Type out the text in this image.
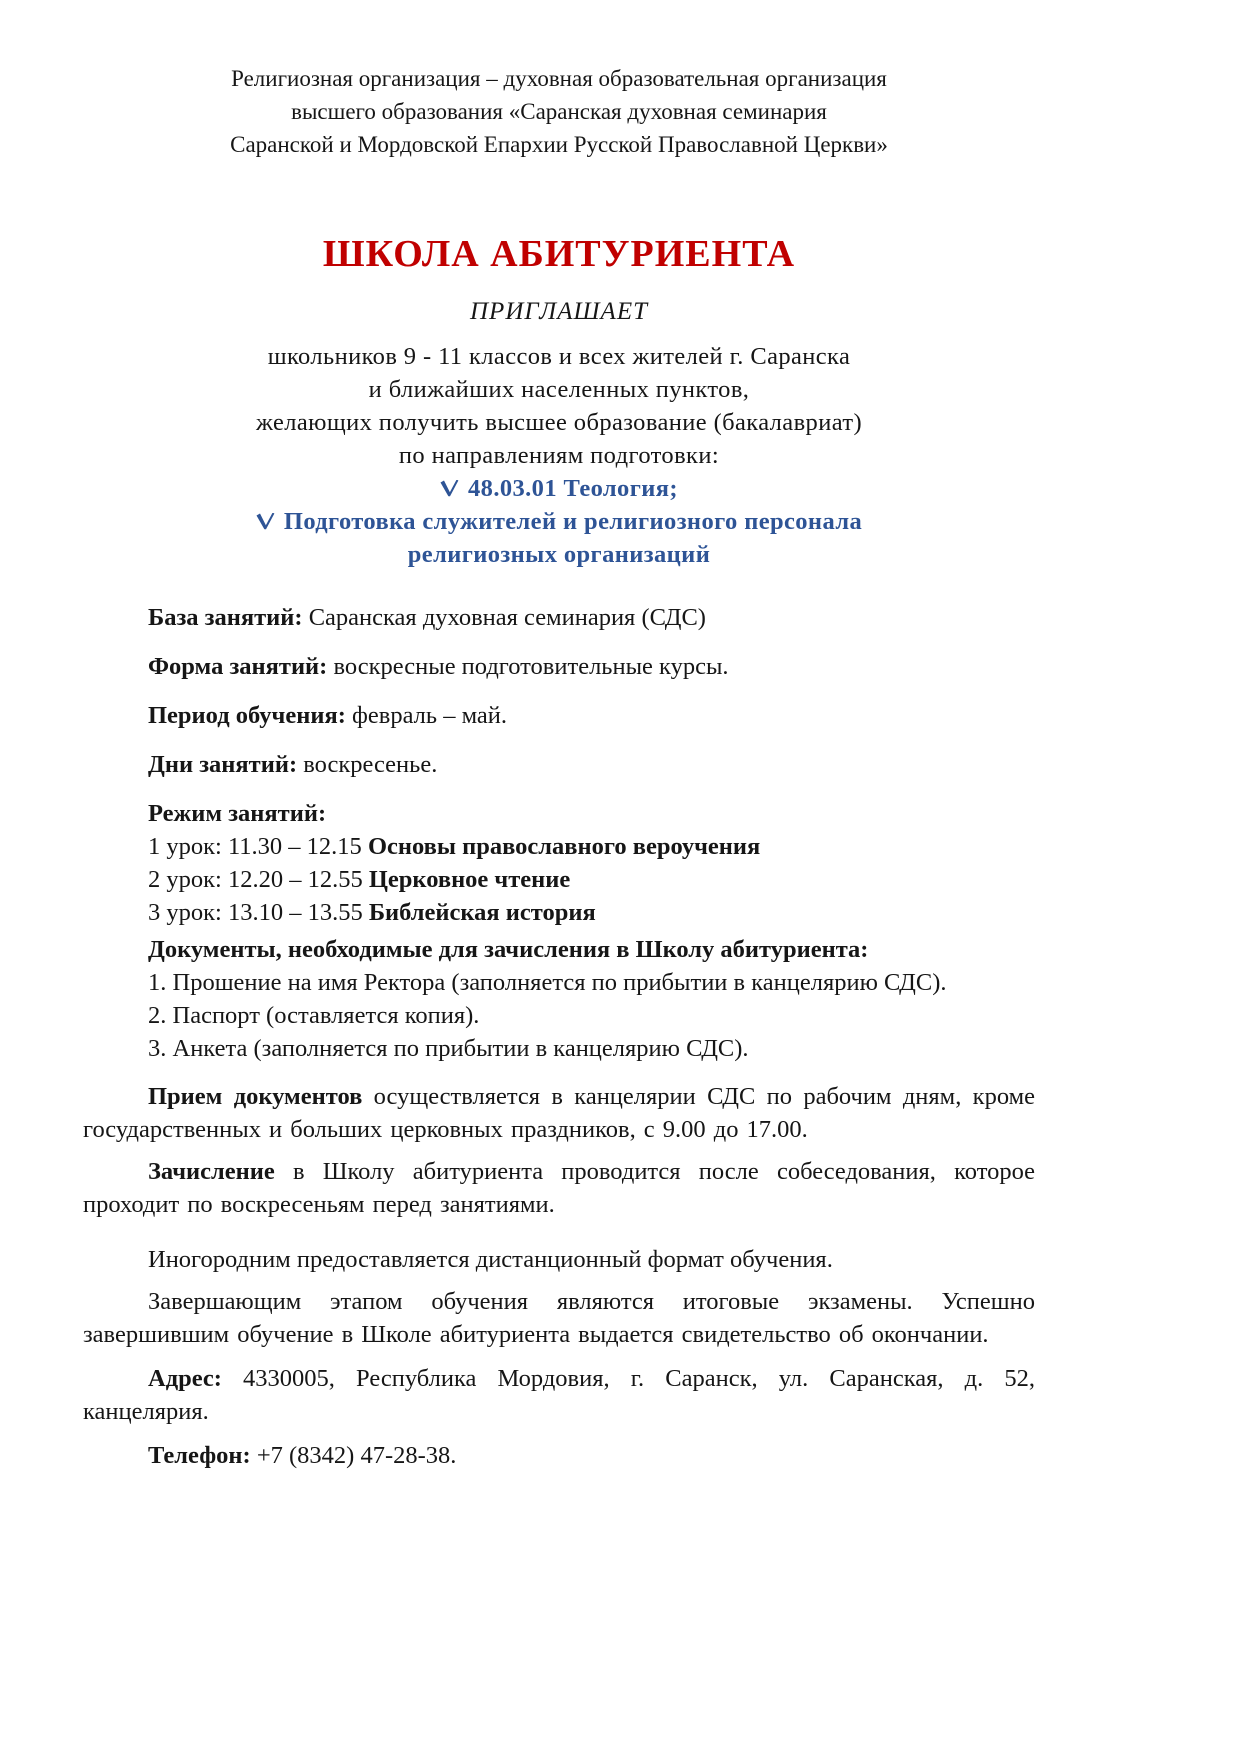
Религиозная организация – духовная образовательная организация
высшего образования «Саранская духовная семинария
Саранской и Мордовской Епархии Русской Православной Церкви»
ШКОЛА АБИТУРИЕНТА
ПРИГЛАШАЕТ
школьников 9 - 11 классов и всех жителей г. Саранска
и ближайших населенных пунктов,
желающих получить высшее образование (бакалавриат)
по направлениям подготовки:
48.03.01 Теология;
Подготовка служителей и религиозного персонала
религиозных организаций

База занятий: Саранская духовная семинария (СДС)

Форма занятий: воскресные подготовительные курсы.

Период обучения: февраль – май.

Дни занятий: воскресенье.

Режим занятий:

1 урок: 11.30 – 12.15 Основы православного вероучения

2 урок: 12.20 – 12.55 Церковное чтение

3 урок: 13.10 – 13.55 Библейская история

Документы, необходимые для зачисления в Школу абитуриента:

1. Прошение на имя Ректора (заполняется по прибытии в канцелярию СДС).

2. Паспорт (оставляется копия).

3. Анкета (заполняется по прибытии в канцелярию СДС).

Прием документов осуществляется в канцелярии СДС по рабочим дням, кроме государственных и больших церковных праздников, с 9.00 до 17.00.

Зачисление в Школу абитуриента проводится после собеседования, которое проходит по воскресеньям перед занятиями.

Иногородним предоставляется дистанционный формат обучения.

Завершающим этапом обучения являются итоговые экзамены. Успешно завершившим обучение в Школе абитуриента выдается свидетельство об окончании.

Адрес: 4330005, Республика Мордовия, г. Саранск, ул. Саранская, д. 52, канцелярия.

Телефон: +7 (8342) 47-28-38.
